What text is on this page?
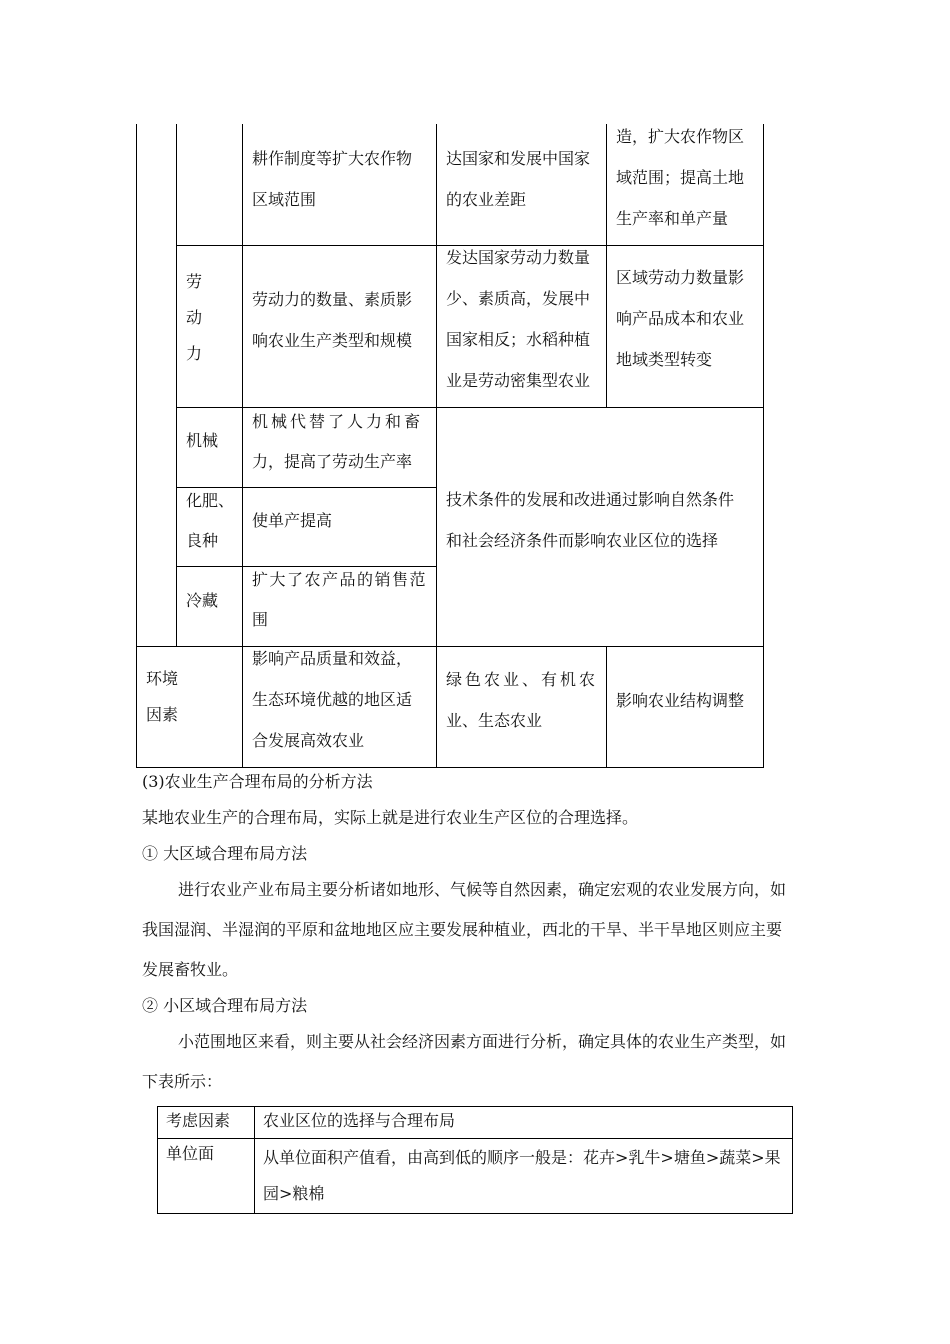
耕作制度等扩大农作物
区域范围
达国家和发展中国家
的农业差距
造，扩大农作物区
域范围；提高土地
生产率和单产量
劳
动
力
劳动力的数量、素质影
响农业生产类型和规模
发达国家劳动力数量
少、素质高，发展中
国家相反；水稻种植
业是劳动密集型农业
区域劳动力数量影
响产品成本和农业
地域类型转变
机械
机械代替了人力和畜
力，提高了劳动生产率
化肥、
良种
使单产提高
冷藏
扩大了农产品的销售范
围
技术条件的发展和改进通过影响自然条件
和社会经济条件而影响农业区位的选择
环境
因素
影响产品质量和效益，
生态环境优越的地区适
合发展高效农业
绿色农业、有机农
业、生态农业
影响农业结构调整
(3)农业生产合理布局的分析方法
某地农业生产的合理布局，实际上就是进行农业生产区位的合理选择。
① 大区域合理布局方法
进行农业产业布局主要分析诸如地形、气候等自然因素，确定宏观的农业发展方向，如
我国湿润、半湿润的平原和盆地地区应主要发展种植业，西北的干旱、半干旱地区则应主要
发展畜牧业。
② 小区域合理布局方法
小范围地区来看，则主要从社会经济因素方面进行分析，确定具体的农业生产类型，如
下表所示：
考虑因素 农业区位的选择与合理布局
单位面	从单位面积产值看，由高到低的顺序一般是：花卉>乳牛>塘鱼>蔬菜>果
园>粮棉
